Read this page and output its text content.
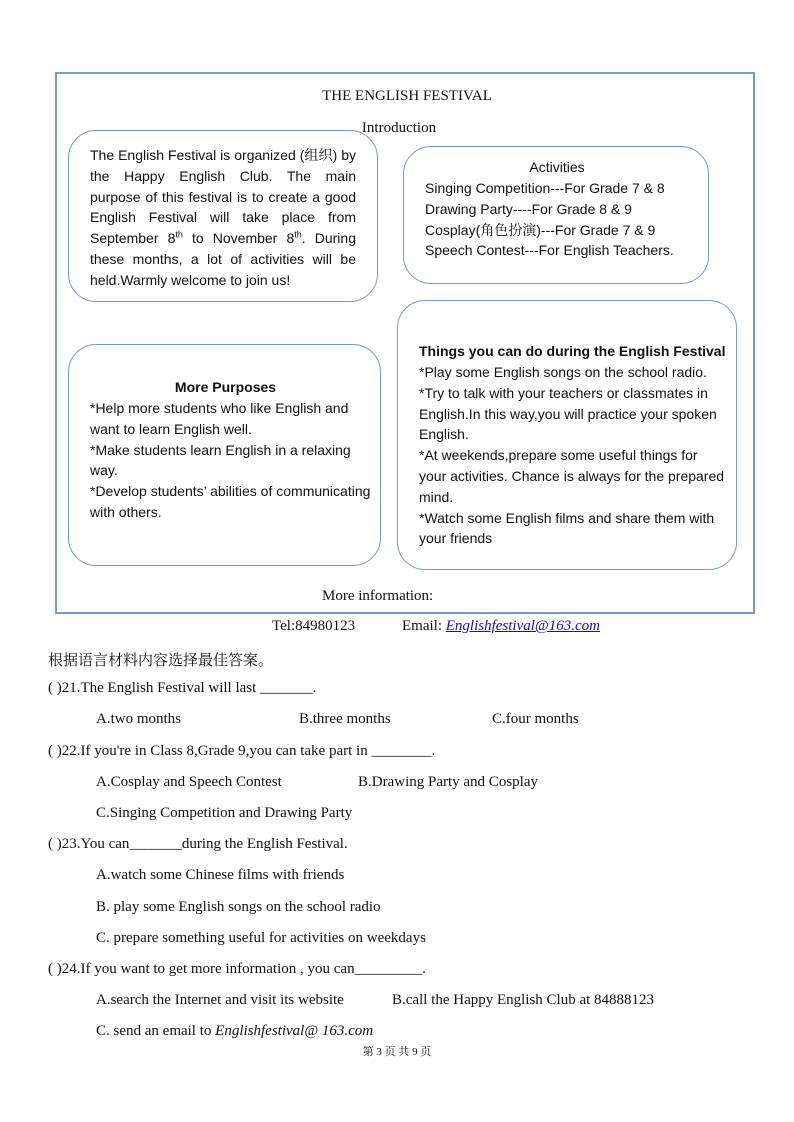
THE ENGLISH FESTIVAL
Introduction
The English Festival is organized (组织) by the Happy English Club. The main purpose of this festival is to create a good English Festival will take place from September 8th to November 8th. During these months, a lot of activities will be held.Warmly welcome to join us!
Activities
Singing Competition---For Grade 7 & 8
Drawing Party----For Grade 8 & 9
Cosplay(角色扮演)---For Grade 7 & 9
Speech Contest---For English Teachers.
More Purposes
*Help more students who like English and want to learn English well.
*Make students learn English in a relaxing way.
*Develop students’ abilities of communicating with others.
Things you can do during the English Festival
*Play some English songs on the school radio.
*Try to talk with your teachers or classmates in English.In this way,you will practice your spoken English.
*At weekends,prepare some useful things for your activities. Chance is always for the prepared mind.
*Watch some English films and share them with your friends
More information:
Tel:84980123	Email: Englishfestival@163.com
根据语言材料内容选择最佳答案。
( )21.The English Festival will last _______.
A.two months	B.three months	C.four months
( )22.If you're in Class 8,Grade 9,you can take part in ________.
A.Cosplay and Speech Contest	B.Drawing Party and Cosplay
C.Singing Competition and Drawing Party
( )23.You can_______during the English Festival.
A.watch some Chinese films with friends
B. play some English songs on the school radio
C. prepare something useful for activities on weekdays
( )24.If you want to get more information , you can_________.
A.search the Internet and visit its website	B.call the Happy English Club at 84888123
C. send an email to Englishfestival@ 163.com
第 3 页 共 9 页
